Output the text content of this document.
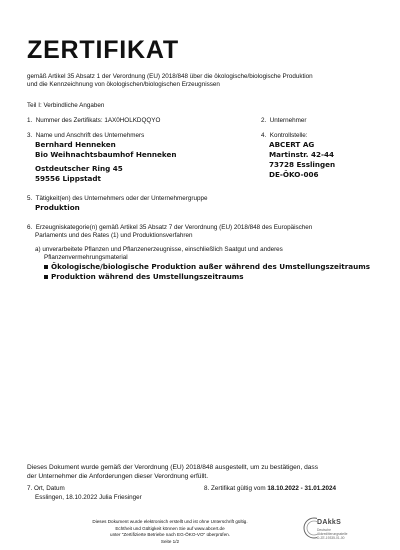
ZERTIFIKAT
gemäß Artikel 35 Absatz 1 der Verordnung (EU) 2018/848 über die ökologische/biologische Produktion
und die Kennzeichnung von ökologischen/biologischen Erzeugnissen
Teil I: Verbindliche Angaben
1. Nummer des Zertifikats: 1AX0HOLKDQQYO	2. Unternehmer
3. Name und Anschrift des Unternehmers
Bernhard Henneken
Bio Weihnachtsbaumhof Henneken
Ostdeutscher Ring 45
59556 Lippstadt
4. Kontrollstelle:
ABCERT AG
Martinstr. 42-44
73728 Esslingen
DE-ÖKO-006
5. Tätigkeit(en) des Unternehmers oder der Unternehmergruppe
Produktion
6. Erzeugniskategorie(n) gemäß Artikel 35 Absatz 7 der Verordnung (EU) 2018/848 des Europäischen
Parlaments und des Rates (1) und Produktionsverfahren
a) unverarbeitete Pflanzen und Pflanzenerzeugnisse, einschließlich Saatgut und anderes
Pflanzenvermehrungsmaterial
Ökologische/biologische Produktion außer während des Umstellungszeitraums
Produktion während des Umstellungszeitraums
Dieses Dokument wurde gemäß der Verordnung (EU) 2018/848 ausgestellt, um zu bestätigen, dass
der Unternehmer die Anforderungen dieser Verordnung erfüllt.
7. Ort, Datum
Esslingen, 18.10.2022 Julia Friesinger
8. Zertifikat gültig vom 18.10.2022 - 31.01.2024
Dieses Dokument wurde elektronisch erstellt und ist ohne Unterschrift gültig.
Echtheit und Gültigkeit können Sie auf www.abcert.de
unter "Zertifizierte Betriebe nach EG-ÖKO-VO" überprüfen.
Seite 1/2
DAkkS
Deutsche
Akkreditierungsstelle
D-ZE-19335-01-00
